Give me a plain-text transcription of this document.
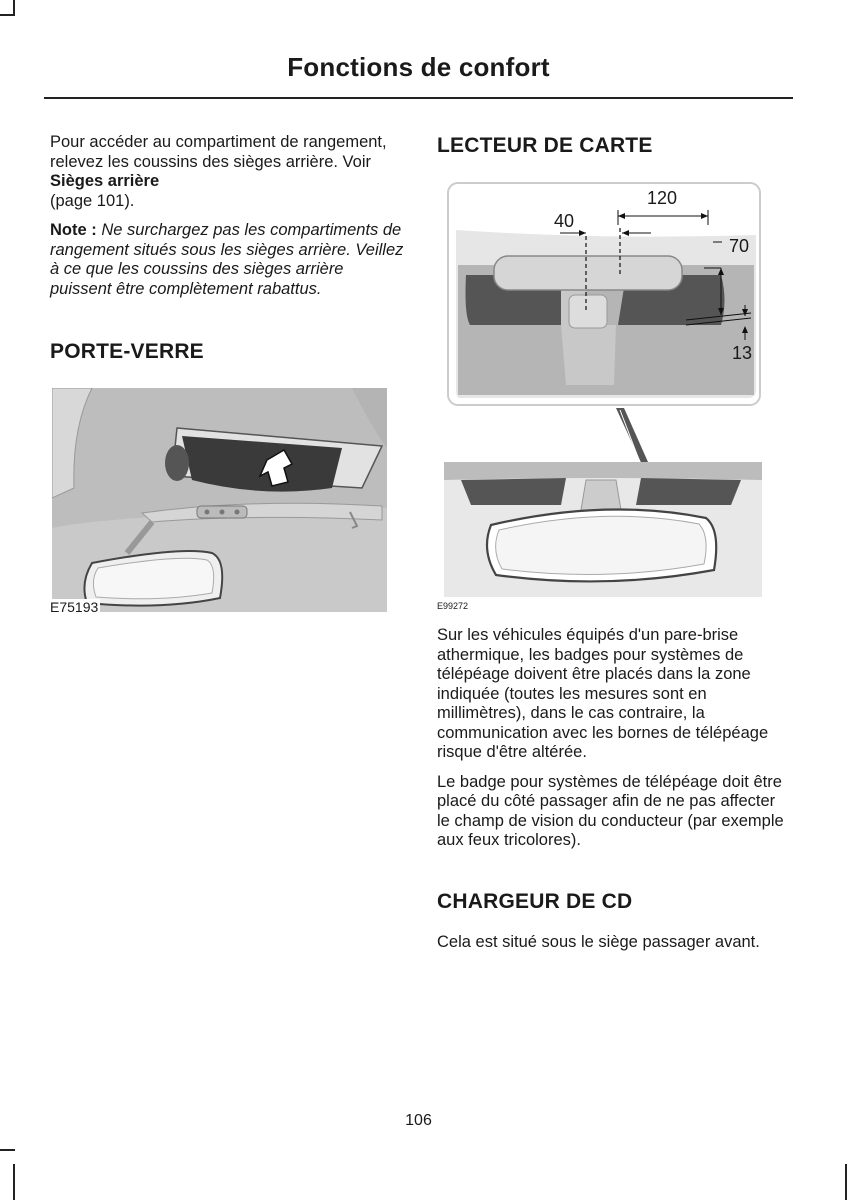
Fonctions de confort

Pour accéder au compartiment de rangement, relevez les coussins des sièges arrière. Voir Sièges arrière
(page 101).

Note : Ne surchargez pas les compartiments de rangement situés sous les sièges arrière. Veillez à ce que les coussins des sièges arrière puissent être complètement rabattus.

PORTE-VERRE
E75193
LECTEUR DE CARTE
120
40
70
13
E99272

Sur les véhicules équipés d'un pare-brise athermique, les badges pour systèmes de télépéage doivent être placés dans la zone indiquée (toutes les mesures sont en millimètres), dans le cas contraire, la communication avec les bornes de télépéage risque d'être altérée.

Le badge pour systèmes de télépéage doit être placé du côté passager afin de ne pas affecter le champ de vision du conducteur (par exemple aux feux tricolores).

CHARGEUR DE CD

Cela est situé sous le siège passager avant.

106
